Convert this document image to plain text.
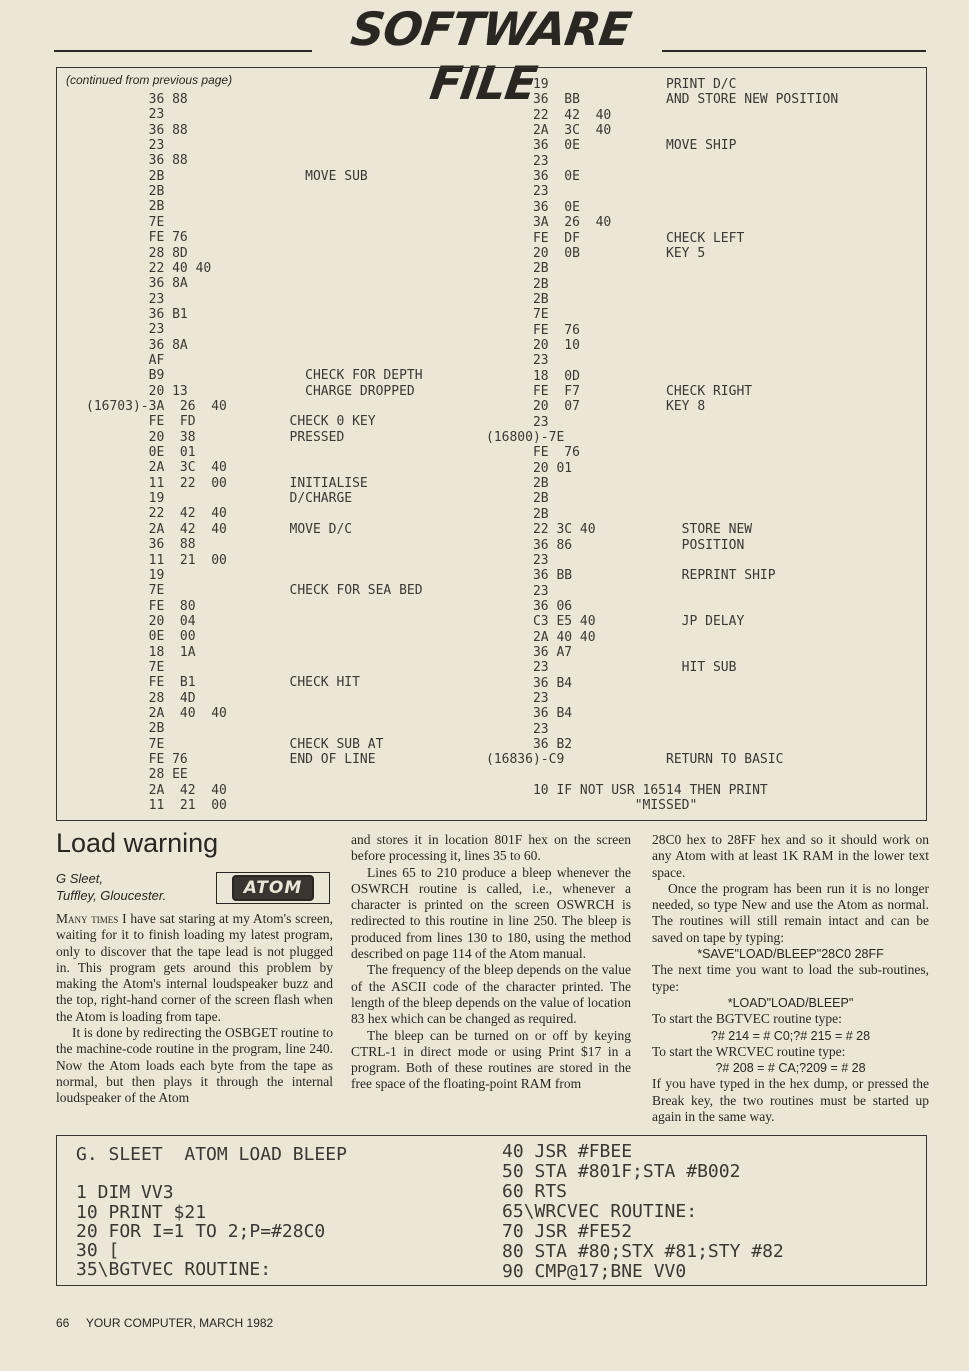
SOFTWARE FILE
(continued from previous page)
36 88
23
36 88
23
36 88
2B                  MOVE SUB
2B
2B
7E
FE 76
28 8D
22 40 40
36 8A
23
36 B1
23
36 8A
AF
B9                  CHECK FOR DEPTH
20 13               CHARGE DROPPED
(16703)-3A  26  40
FE  FD            CHECK 0 KEY
20  38            PRESSED
0E  01
2A  3C  40
11  22  00        INITIALISE
19                D/CHARGE
22  42  40
2A  42  40        MOVE D/C
36  88
11  21  00
19
7E                CHECK FOR SEA BED
FE  80
20  04
0E  00
18  1A
7E
FE  B1            CHECK HIT
28  4D
2A  40  40
2B
7E                CHECK SUB AT
FE 76             END OF LINE
28 EE
2A  42  40
11  21  00
19               PRINT D/C
36  BB           AND STORE NEW POSITION
22  42  40
2A  3C  40
36  0E           MOVE SHIP
23
36  0E
23
36  0E
3A  26  40
FE  DF           CHECK LEFT
20  0B           KEY 5
2B
2B
2B
7E
FE  76
20  10
23
18  0D
FE  F7           CHECK RIGHT
20  07           KEY 8
23
(16800)-7E
FE  76
20 01
2B
2B
2B
22 3C 40           STORE NEW
36 86              POSITION
23
36 BB              REPRINT SHIP
23
36 06
C3 E5 40           JP DELAY
2A 40 40
36 A7
23                 HIT SUB
36 B4
23
36 B4
23
36 B2
(16836)-C9             RETURN TO BASIC
10 IF NOT USR 16514 THEN PRINT
"MISSED"
Load warning
G Sleet,
Tuffley, Gloucester.	ATOM

Many times I have sat staring at my Atom's screen, waiting for it to finish loading my latest program, only to discover that the tape lead is not plugged in. This program gets around this problem by making the Atom's internal loudspeaker buzz and the top, right-hand corner of the screen flash when the Atom is loading from tape.

It is done by redirecting the OSBGET routine to the machine-code routine in the program, line 240. Now the Atom loads each byte from the tape as normal, but then plays it through the internal loudspeaker of the Atom

and stores it in location 801F hex on the screen before processing it, lines 35 to 60.

Lines 65 to 210 produce a bleep whenever the OSWRCH routine is called, i.e., whenever a character is printed on the screen OSWRCH is redirected to this routine in line 250. The bleep is produced from lines 130 to 180, using the method described on page 114 of the Atom manual.

The frequency of the bleep depends on the value of the ASCII code of the character printed. The length of the bleep depends on the value of location 83 hex which can be changed as required.

The bleep can be turned on or off by keying CTRL-1 in direct mode or using Print $17 in a program. Both of these routines are stored in the free space of the floating-point RAM from

28C0 hex to 28FF hex and so it should work on any Atom with at least 1K RAM in the lower text space.

Once the program has been run it is no longer needed, so type New and use the Atom as normal. The routines will still remain intact and can be saved on tape by typing:

*SAVE"LOAD/BLEEP"28C0 28FF

The next time you want to load the sub-routines, type:

*LOAD"LOAD/BLEEP"

To start the BGTVEC routine type:

?# 214 = # C0;?# 215 = # 28

To start the WRCVEC routine type:

?# 208 = # CA;?209 = # 28

If you have typed in the hex dump, or pressed the Break key, the two routines must be started up again in the same way.

G. SLEET  ATOM LOAD BLEEP
1 DIM VV3
10 PRINT $21
20 FOR I=1 TO 2;P=#28C0
30 [
35\BGTVEC ROUTINE:
40 JSR #FBEE
50 STA #801F;STA #B002
60 RTS
65\WRCVEC ROUTINE:
70 JSR #FE52
80 STA #80;STX #81;STY #82
90 CMP@17;BNE VV0
66 YOUR COMPUTER, MARCH 1982
